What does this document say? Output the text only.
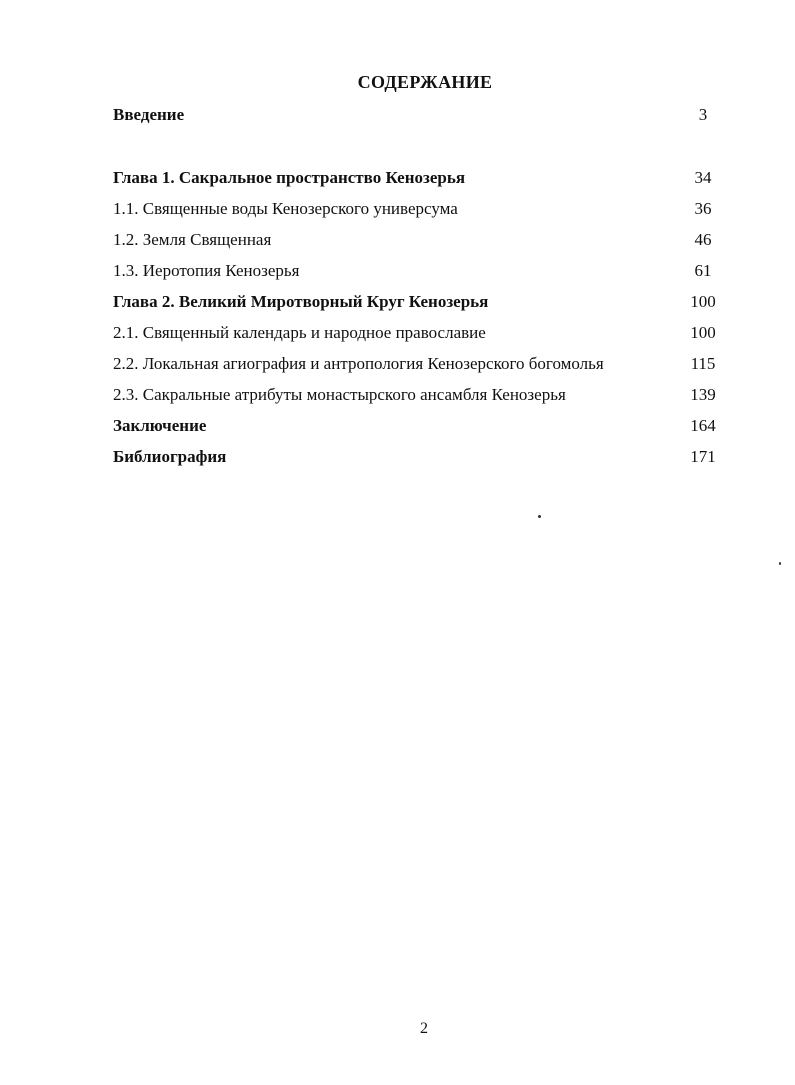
СОДЕРЖАНИЕ
Введение	3
Глава 1. Сакральное пространство Кенозерья	34
1.1. Священные воды Кенозерского универсума	36
1.2. Земля Священная	46
1.3. Иеротопия Кенозерья	61
Глава 2. Великий Миротворный Круг Кенозерья	100
2.1. Священный календарь и народное православие	100
2.2. Локальная агиография и антропология Кенозерского богомолья	115
2.3. Сакральные атрибуты монастырского ансамбля Кенозерья	139
Заключение	164
Библиография	171
2
